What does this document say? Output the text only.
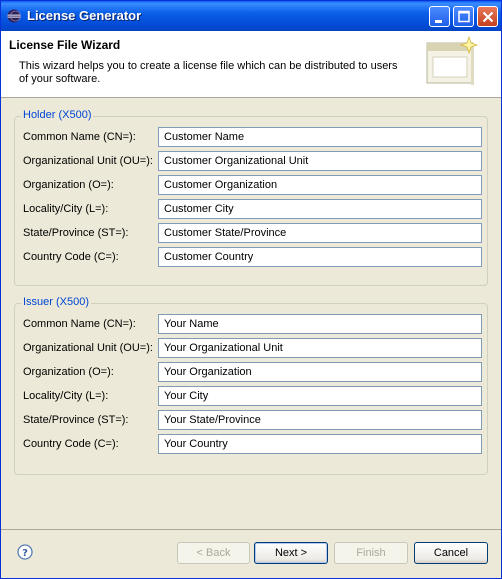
License Generator
License File Wizard
This wizard helps you to create a license file which can be distributed to users of your software.
Holder (X500)
Common Name (CN=):	Customer Name
Organizational Unit (OU=):	Customer Organizational Unit
Organization (O=):	Customer Organization
Locality/City (L=):	Customer City
State/Province (ST=):	Customer State/Province
Country Code (C=):	Customer Country
Issuer (X500)
Common Name (CN=):	Your Name
Organizational Unit (OU=):	Your Organizational Unit
Organization (O=):	Your Organization
Locality/City (L=):	Your City
State/Province (ST=):	Your State/Province
Country Code (C=):	Your Country
?	< Back	Next >	Finish	Cancel
